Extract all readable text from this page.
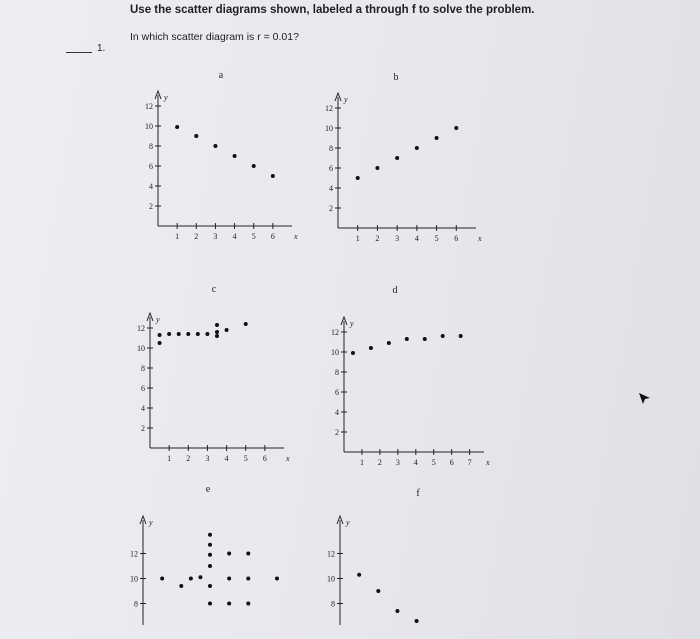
Use the scatter diagrams shown, labeled a through f to solve the problem.
1.
In which scatter diagram is r = 0.01?
a
y
1 2 3 4 5 6 x
2
4
6
8
10
12
b
y
1 2 3 4 5 6 x
2
4
6
8
10
12
c
y
1 2 3 4 5 6 x
2
4
6
8
10
12
d
y
1 2 3 4 5 6 7 x
2
4
6
8
10
12
e
y
8
10
12
f
y
8
10
12
